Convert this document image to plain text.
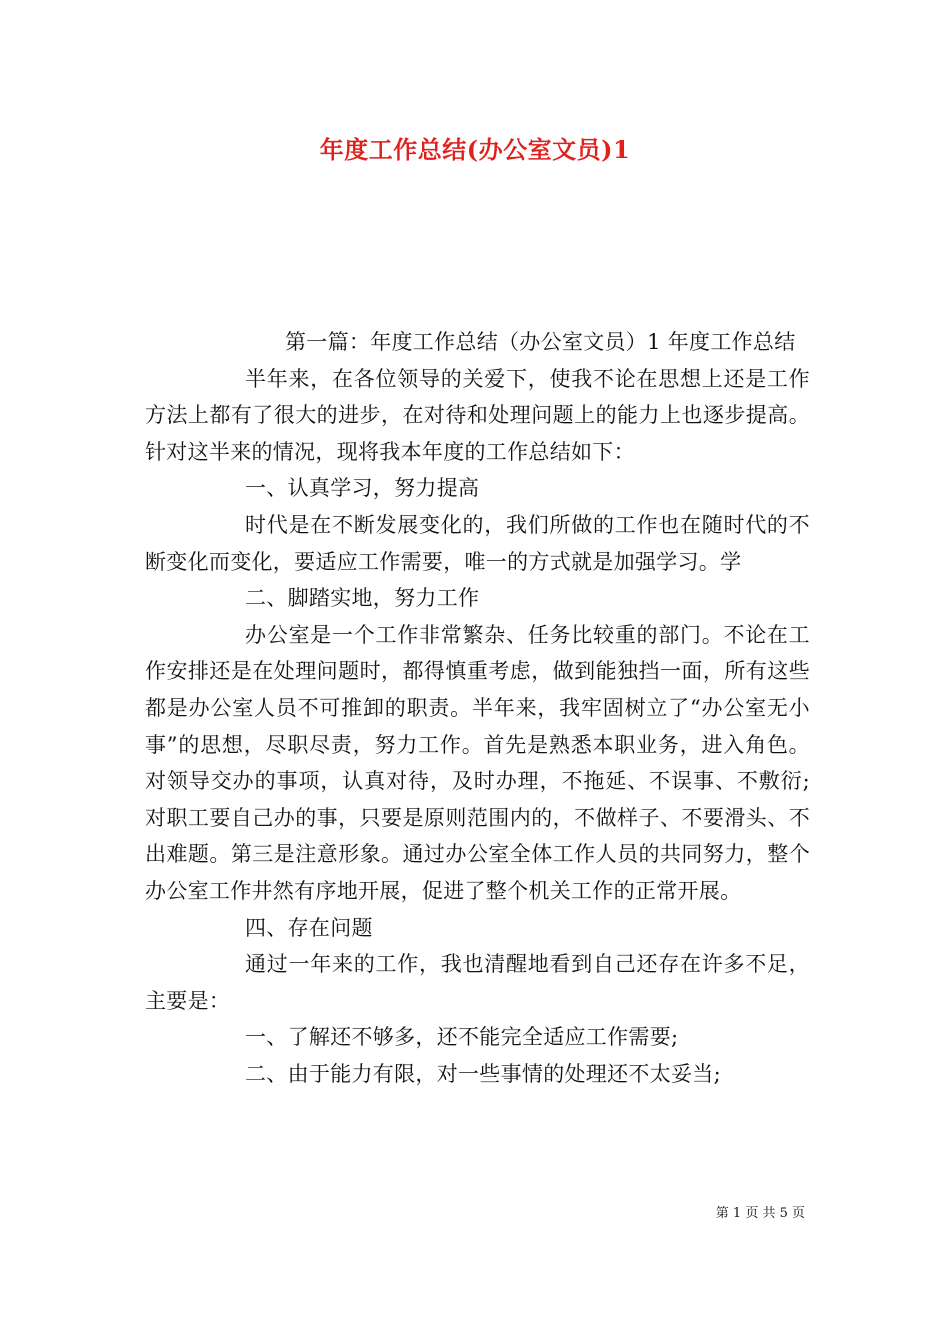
年度工作总结(办公室文员)1

第一篇：年度工作总结（办公室文员）1 年度工作总结

半年来，在各位领导的关爱下，使我不论在思想上还是工作方法上都有了很大的进步，在对待和处理问题上的能力上也逐步提高。针对这半来的情况，现将我本年度的工作总结如下：

一、认真学习，努力提高

时代是在不断发展变化的，我们所做的工作也在随时代的不断变化而变化，要适应工作需要，唯一的方式就是加强学习。学

二、脚踏实地，努力工作

办公室是一个工作非常繁杂、任务比较重的部门。不论在工作安排还是在处理问题时，都得慎重考虑，做到能独挡一面，所有这些都是办公室人员不可推卸的职责。半年来，我牢固树立了“办公室无小事”的思想，尽职尽责，努力工作。首先是熟悉本职业务，进入角色。对领导交办的事项，认真对待，及时办理，不拖延、不误事、不敷衍;对职工要自己办的事，只要是原则范围内的，不做样子、不要滑头、不出难题。第三是注意形象。通过办公室全体工作人员的共同努力，整个办公室工作井然有序地开展，促进了整个机关工作的正常开展。

四、存在问题

通过一年来的工作，我也清醒地看到自己还存在许多不足，主要是：

一、了解还不够多，还不能完全适应工作需要;

二、由于能力有限，对一些事情的处理还不太妥当;

第 1 页 共 5 页
